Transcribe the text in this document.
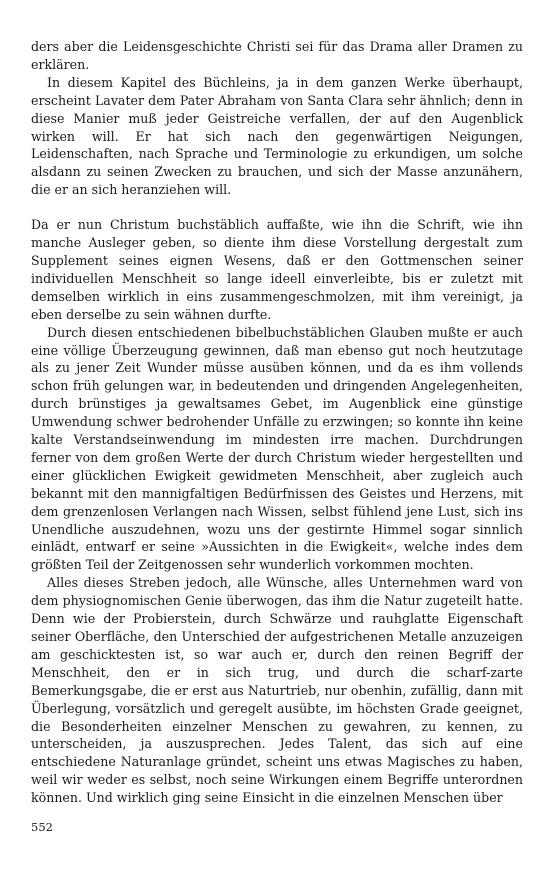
ders aber die Leidensgeschichte Christi sei für das Drama aller Dramen zu erklären.

In diesem Kapitel des Büchleins, ja in dem ganzen Werke überhaupt, erscheint Lavater dem Pater Abraham von Santa Clara sehr ähnlich; denn in diese Manier muß jeder Geistreiche verfallen, der auf den Augenblick wirken will. Er hat sich nach den gegenwärtigen Neigungen, Leidenschaften, nach Sprache und Terminologie zu erkundigen, um solche alsdann zu seinen Zwecken zu brauchen, und sich der Masse anzunähern, die er an sich heranziehen will.

Da er nun Christum buchstäblich auffaßte, wie ihn die Schrift, wie ihn manche Ausleger geben, so diente ihm diese Vorstellung dergestalt zum Supplement seines eignen Wesens, daß er den Gottmenschen seiner individuellen Menschheit so lange ideell einverleibte, bis er zuletzt mit demselben wirklich in eins zusammengeschmolzen, mit ihm vereinigt, ja eben derselbe zu sein wähnen durfte.

Durch diesen entschiedenen bibelbuchstäblichen Glauben mußte er auch eine völlige Überzeugung gewinnen, daß man ebenso gut noch heutzutage als zu jener Zeit Wunder müsse ausüben können, und da es ihm vollends schon früh gelungen war, in bedeutenden und dringenden Angelegenheiten, durch brünstiges ja gewaltsames Gebet, im Augenblick eine günstige Umwendung schwer bedrohender Unfälle zu erzwingen; so konnte ihn keine kalte Verstandseinwendung im mindesten irre machen. Durchdrungen ferner von dem großen Werte der durch Christum wieder hergestellten und einer glücklichen Ewigkeit gewidmeten Menschheit, aber zugleich auch bekannt mit den mannigfaltigen Bedürfnissen des Geistes und Herzens, mit dem grenzenlosen Verlangen nach Wissen, selbst fühlend jene Lust, sich ins Unendliche auszudehnen, wozu uns der gestirnte Himmel sogar sinnlich einlädt, entwarf er seine »Aussichten in die Ewigkeit«, welche indes dem größten Teil der Zeitgenossen sehr wunderlich vorkommen mochten.

Alles dieses Streben jedoch, alle Wünsche, alles Unternehmen ward von dem physiognomischen Genie überwogen, das ihm die Natur zugeteilt hatte. Denn wie der Probierstein, durch Schwärze und rauhglatte Eigenschaft seiner Oberfläche, den Unterschied der aufgestrichenen Metalle anzuzeigen am geschicktesten ist, so war auch er, durch den reinen Begriff der Menschheit, den er in sich trug, und durch die scharf-zarte Bemerkungsgabe, die er erst aus Naturtrieb, nur obenhin, zufällig, dann mit Überlegung, vorsätzlich und geregelt ausübte, im höchsten Grade geeignet, die Besonderheiten einzelner Menschen zu gewahren, zu kennen, zu unterscheiden, ja auszusprechen. Jedes Talent, das sich auf eine entschiedene Naturanlage gründet, scheint uns etwas Magisches zu haben, weil wir weder es selbst, noch seine Wirkungen einem Begriffe unterordnen können. Und wirklich ging seine Einsicht in die einzelnen Menschen über

552
